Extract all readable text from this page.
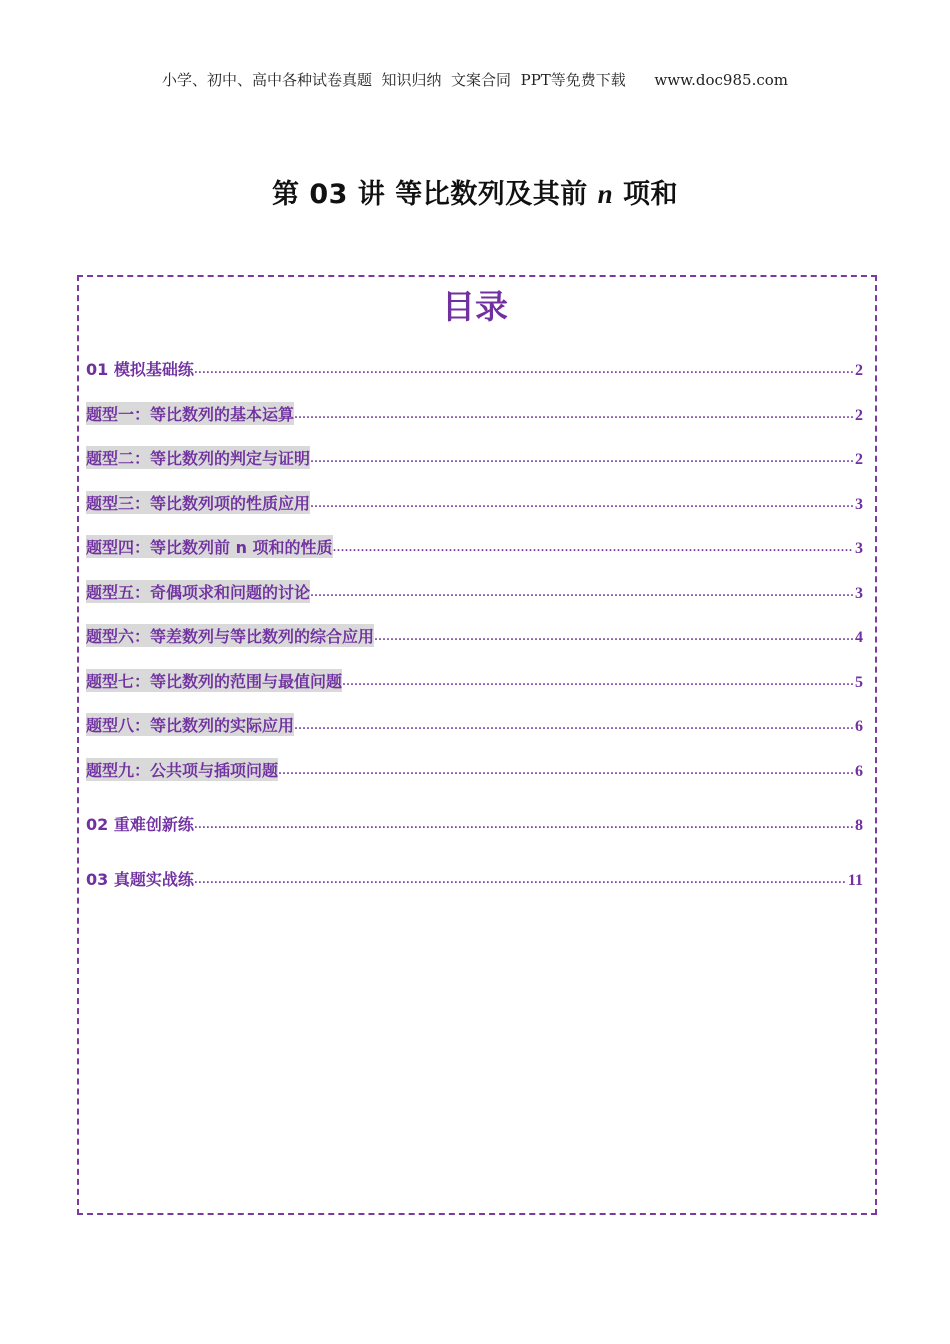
小学、初中、高中各种试卷真题  知识归纳  文案合同  PPT等免费下载      www.doc985.com
第 03 讲 等比数列及其前 n 项和
目录
01 模拟基础练 .....	2
题型一：等比数列的基本运算 .....	2
题型二：等比数列的判定与证明 .....	2
题型三：等比数列项的性质应用 .....	3
题型四：等比数列前 n 项和的性质 .....	3
题型五：奇偶项求和问题的讨论 .....	3
题型六：等差数列与等比数列的综合应用 .....	4
题型七：等比数列的范围与最值问题 .....	5
题型八：等比数列的实际应用 .....	6
题型九：公共项与插项问题 .....	6
02 重难创新练 .....	8
03 真题实战练 .....	11
